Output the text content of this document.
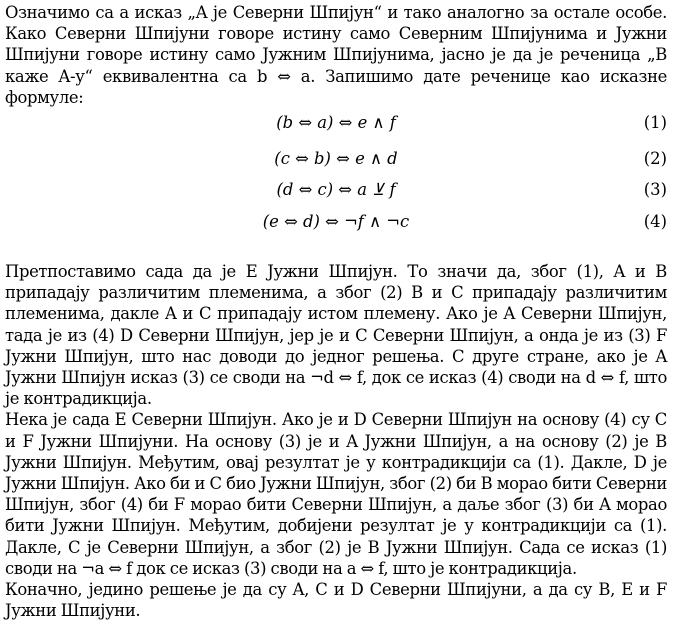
Означимо са a исказ „A је Северни Шпијун“ и тако аналогно за остале особе. Како Северни Шпијуни говоре истину само Северним Шпијунима и Јужни Шпијуни говоре истину само Јужним Шпијунима, јасно је да је реченица „B каже A-у“ еквивалентна са b ⇔ a. Запишимо дате реченице као исказне формуле:

(b ⇔ a) ⇔ e ∧ f	(1)
(c ⇔ b) ⇔ e ∧ d	(2)
(d ⇔ c) ⇔ a ⊻ f	(3)
(e ⇔ d) ⇔ ¬f ∧ ¬c	(4)

Претпоставимо сада да је E Јужни Шпијун. То значи да, због (1), A и B припадају различитим племенима, а због (2) B и C припадају различитим племенима, дакле A и C припадају истом племену. Ако је A Северни Шпијун, тада је из (4) D Северни Шпијун, јер је и C Северни Шпијун, а онда је из (3) F Јужни Шпијун, што нас доводи до једног решења. С друге стране, ако је A Јужни Шпијун исказ (3) се своди на ¬d ⇔ f, док се исказ (4) своди на d ⇔ f, што је контрадикција.

Нека је сада E Северни Шпијун. Ако је и D Северни Шпијун на основу (4) су C и F Јужни Шпијуни. На основу (3) је и A Јужни Шпијун, а на основу (2) је B Јужни Шпијун. Међутим, овај резултат је у контрадикцији са (1). Дакле, D је Јужни Шпијун. Ако би и C био Јужни Шпијун, због (2) би B морао бити Северни Шпијун, због (4) би F морао бити Северни Шпијун, а даље због (3) би A морао бити Јужни Шпијун. Међутим, добијени резултат је у контрадикцији са (1). Дакле, C је Северни Шпијун, а због (2) је B Јужни Шпијун. Сада се исказ (1) своди на ¬a ⇔ f док се исказ (3) своди на a ⇔ f, што је контрадикција.

Коначно, једино решење је да су A, C и D Северни Шпијуни, а да су B, E и F Јужни Шпијуни.
